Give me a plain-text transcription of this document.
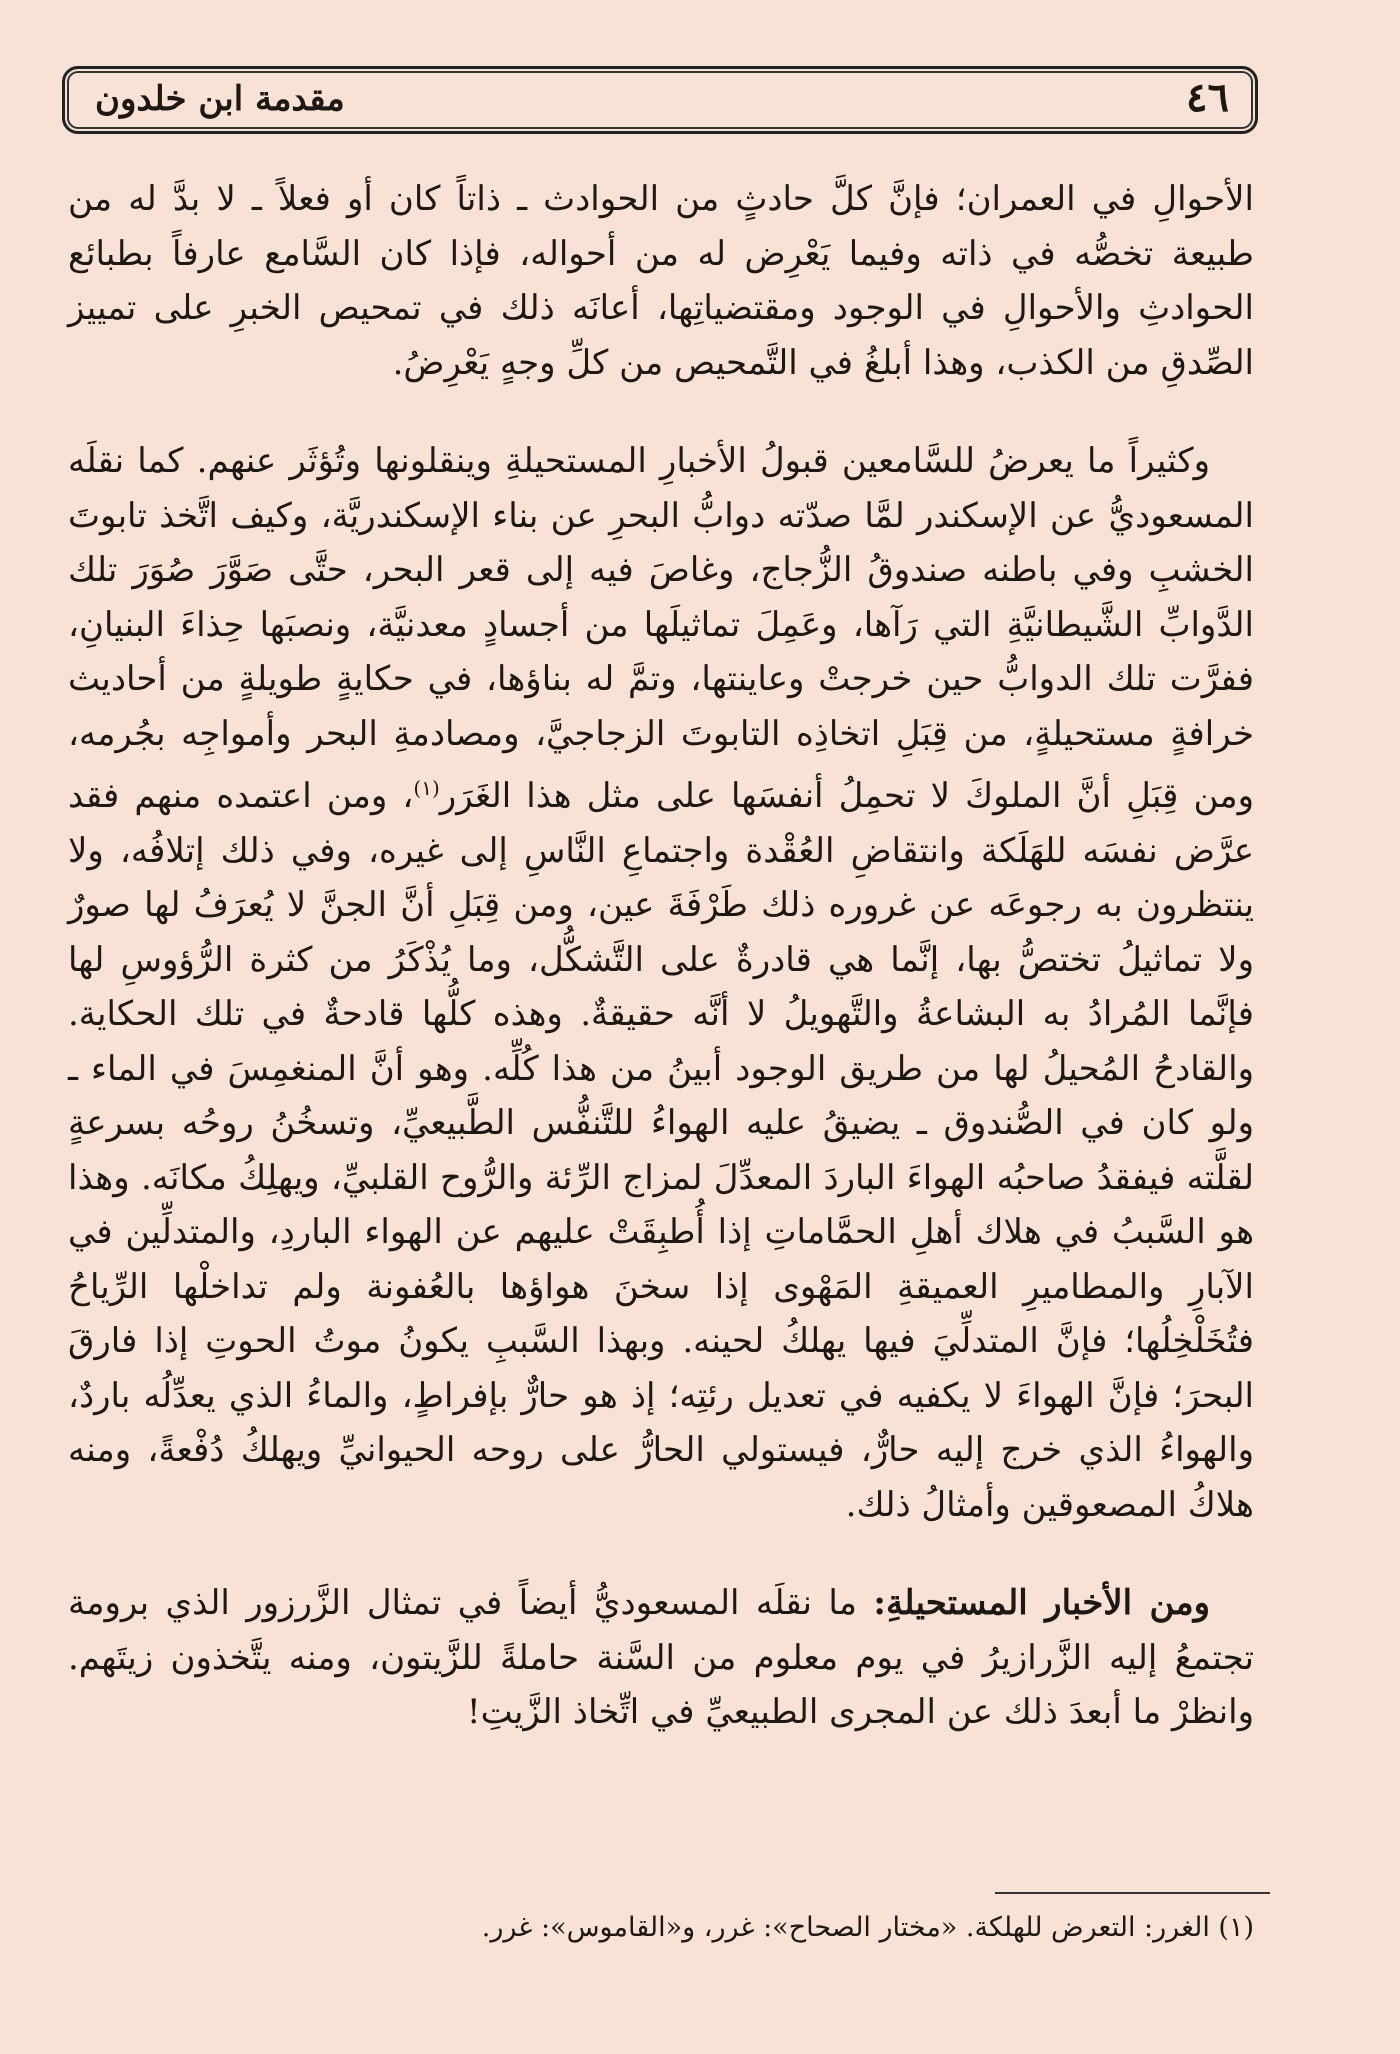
٤٦
مقدمة ابن خلدون

الأحوالِ في العمران؛ فإنَّ كلَّ حادثٍ من الحوادث ـ ذاتاً كان أو فعلاً ـ لا بدَّ له من طبيعة تخصُّه في ذاته وفيما يَعْرِض له من أحواله، فإذا كان السَّامع عارفاً بطبائع الحوادثِ والأحوالِ في الوجود ومقتضياتِها، أعانَه ذلك في تمحيص الخبرِ على تمييز الصِّدقِ من الكذب، وهذا أبلغُ في التَّمحيص من كلِّ وجهٍ يَعْرِضُ.

وكثيراً ما يعرضُ للسَّامعين قبولُ الأخبارِ المستحيلةِ وينقلونها وتُؤثَر عنهم. كما نقلَه المسعوديُّ عن الإسكندر لمَّا صدّته دوابُّ البحرِ عن بناء الإسكندريَّة، وكيف اتَّخذ تابوتَ الخشبِ وفي باطنه صندوقُ الزُّجاج، وغاصَ فيه إلى قعر البحر، حتَّى صَوَّرَ صُوَرَ تلك الدَّوابِّ الشَّيطانيَّةِ التي رَآها، وعَمِلَ تماثيلَها من أجسادٍ معدنيَّة، ونصبَها حِذاءَ البنيانِ، ففرَّت تلك الدوابُّ حين خرجتْ وعاينتها، وتمَّ له بناؤها، في حكايةٍ طويلةٍ من أحاديث خرافةٍ مستحيلةٍ، من قِبَلِ اتخاذِه التابوتَ الزجاجيَّ، ومصادمةِ البحر وأمواجِه بجُرمه، ومن قِبَلِ أنَّ الملوكَ لا تحمِلُ أنفسَها على مثل هذا الغَرَر$^{(١)}$، ومن اعتمده منهم فقد عرَّض نفسَه للهَلَكة وانتقاضِ العُقْدة واجتماعِ النَّاسِ إلى غيره، وفي ذلك إتلافُه، ولا ينتظرون به رجوعَه عن غروره ذلك طَرْفَةَ عين، ومن قِبَلِ أنَّ الجنَّ لا يُعرَفُ لها صورٌ ولا تماثيلُ تختصُّ بها، إنَّما هي قادرةٌ على التَّشكُّل، وما يُذْكَرُ من كثرة الرُّؤوسِ لها فإنَّما المُرادُ به البشاعةُ والتَّهويلُ لا أنَّه حقيقةٌ. وهذه كلُّها قادحةٌ في تلك الحكاية. والقادحُ المُحيلُ لها من طريق الوجود أبينُ من هذا كُلِّه. وهو أنَّ المنغمِسَ في الماء ـ ولو كان في الصُّندوق ـ يضيقُ عليه الهواءُ للتَّنفُّس الطَّبيعيِّ، وتسخُنُ روحُه بسرعةٍ لقلَّته فيفقدُ صاحبُه الهواءَ الباردَ المعدِّلَ لمزاج الرِّئة والرُّوح القلبيِّ، ويهلِكُ مكانَه. وهذا هو السَّببُ في هلاك أهلِ الحمَّاماتِ إذا أُطبِقَتْ عليهم عن الهواء الباردِ، والمتدلِّين في الآبارِ والمطاميرِ العميقةِ المَهْوى إذا سخنَ هواؤها بالعُفونة ولم تداخلْها الرِّياحُ فتُخَلْخِلُها؛ فإنَّ المتدلِّيَ فيها يهلكُ لحينه. وبهذا السَّببِ يكونُ موتُ الحوتِ إذا فارقَ البحرَ؛ فإنَّ الهواءَ لا يكفيه في تعديل رئتِه؛ إذ هو حارٌّ بإفراطٍ، والماءُ الذي يعدِّلُه باردٌ، والهواءُ الذي خرج إليه حارٌّ، فيستولي الحارُّ على روحه الحيوانيِّ ويهلكُ دُفْعةً، ومنه هلاكُ المصعوقين وأمثالُ ذلك.

ومن الأخبار المستحيلةِ: ما نقلَه المسعوديُّ أيضاً في تمثال الزَّرزور الذي برومة تجتمعُ إليه الزَّرازيرُ في يوم معلوم من السَّنة حاملةً للزَّيتون، ومنه يتَّخذون زيتَهم. وانظرْ ما أبعدَ ذلك عن المجرى الطبيعيِّ في اتِّخاذ الزَّيتِ!

(١) الغرر: التعرض للهلكة. «مختار الصحاح»: غرر، و«القاموس»: غرر.
